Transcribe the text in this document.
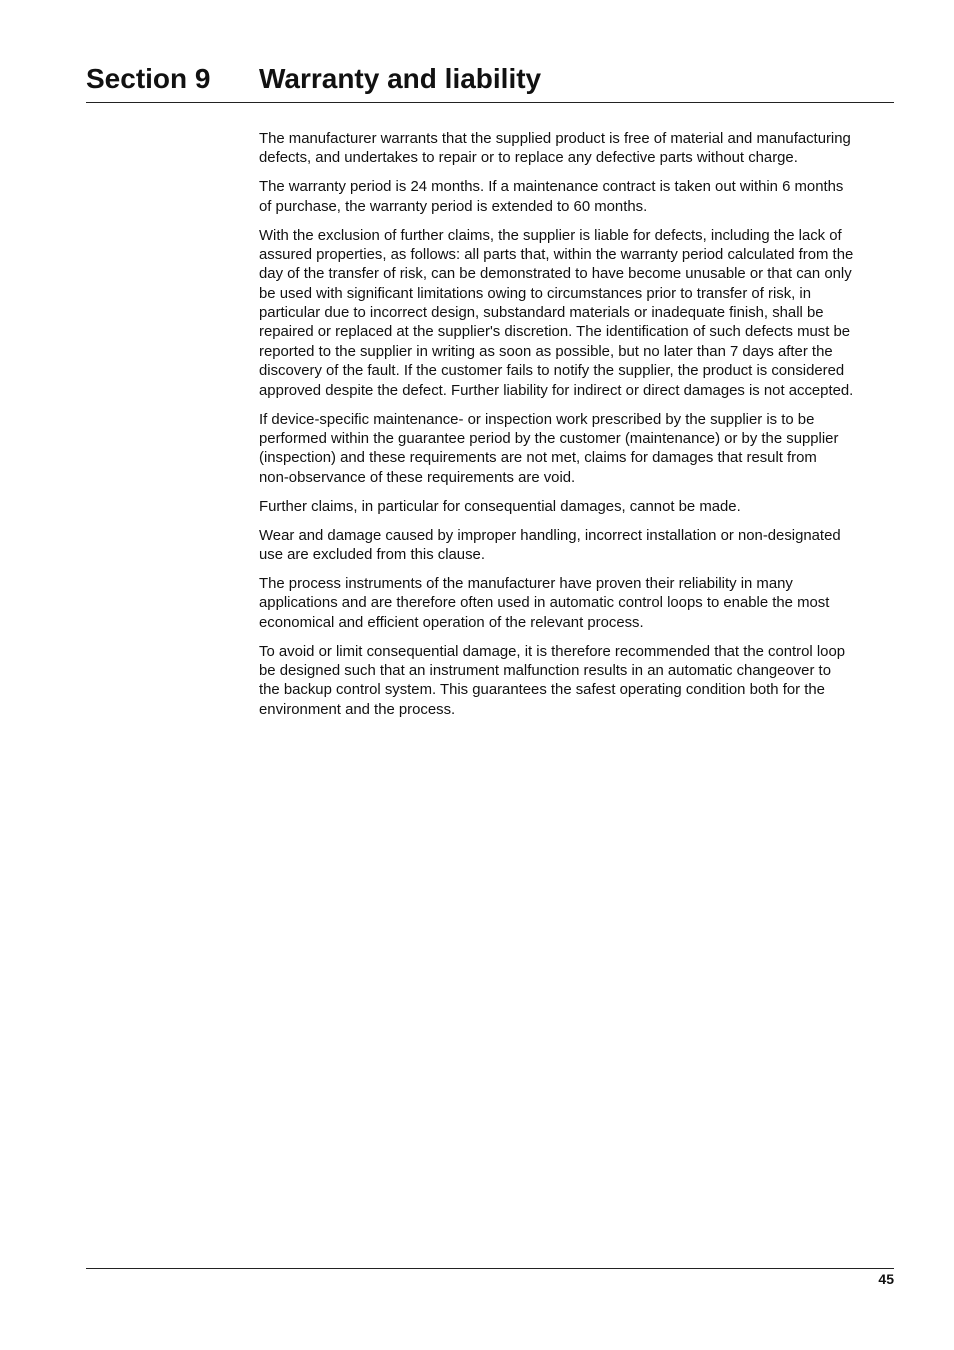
Section 9 Warranty and liability

The manufacturer warrants that the supplied product is free of material and manufacturing
defects, and undertakes to repair or to replace any defective parts without charge.

The warranty period is 24 months. If a maintenance contract is taken out within 6 months
of purchase, the warranty period is extended to 60 months.

With the exclusion of further claims, the supplier is liable for defects, including the lack of
assured properties, as follows: all parts that, within the warranty period calculated from the
day of the transfer of risk, can be demonstrated to have become unusable or that can only
be used with significant limitations owing to circumstances prior to transfer of risk, in
particular due to incorrect design, substandard materials or inadequate finish, shall be
repaired or replaced at the supplier's discretion. The identification of such defects must be
reported to the supplier in writing as soon as possible, but no later than 7 days after the
discovery of the fault. If the customer fails to notify the supplier, the product is considered
approved despite the defect. Further liability for indirect or direct damages is not accepted.

If device-specific maintenance- or inspection work prescribed by the supplier is to be
performed within the guarantee period by the customer (maintenance) or by the supplier
(inspection) and these requirements are not met, claims for damages that result from
non-observance of these requirements are void.

Further claims, in particular for consequential damages, cannot be made.

Wear and damage caused by improper handling, incorrect installation or non-designated
use are excluded from this clause.

The process instruments of the manufacturer have proven their reliability in many
applications and are therefore often used in automatic control loops to enable the most
economical and efficient operation of the relevant process.

To avoid or limit consequential damage, it is therefore recommended that the control loop
be designed such that an instrument malfunction results in an automatic changeover to
the backup control system. This guarantees the safest operating condition both for the
environment and the process.

45
